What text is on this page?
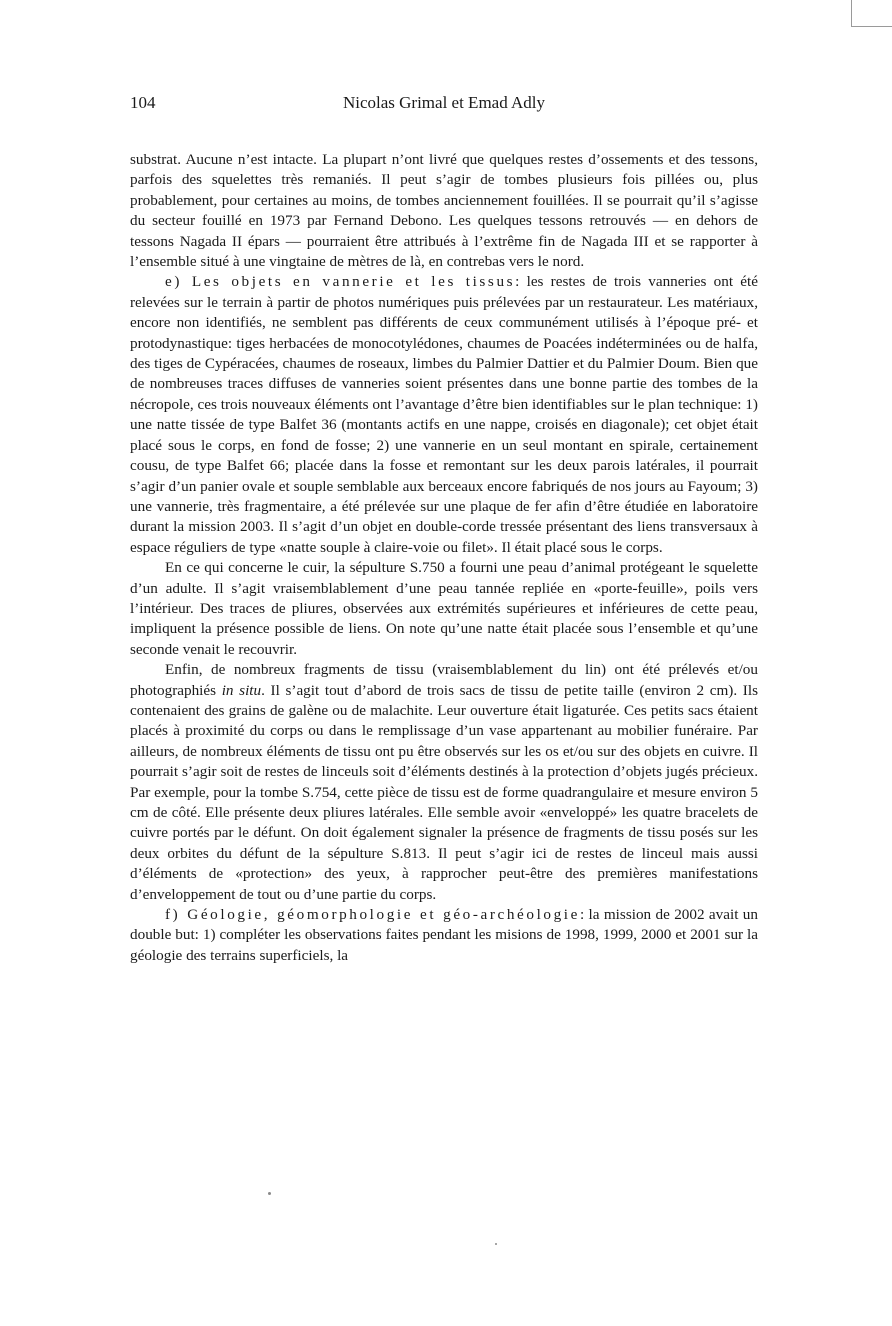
104	Nicolas Grimal et Emad Adly

substrat. Aucune n’est intacte. La plupart n’ont livré que quelques restes d’ossements et des tessons, parfois des squelettes très remaniés. Il peut s’agir de tombes plusieurs fois pillées ou, plus probablement, pour certaines au moins, de tombes anciennement fouillées. Il se pourrait qu’il s’agisse du secteur fouillé en 1973 par Fernand Debono. Les quelques tessons retrouvés — en dehors de tessons Nagada II épars — pourraient être attribués à l’extrême fin de Nagada III et se rapporter à l’ensemble situé à une vingtaine de mètres de là, en contrebas vers le nord.

e) Les objets en vannerie et les tissus: les restes de trois vanneries ont été relevées sur le terrain à partir de photos numériques puis prélevées par un restaurateur. Les matériaux, encore non identifiés, ne semblent pas différents de ceux communément utilisés à l’époque pré- et protodynastique: tiges herbacées de monocotylédones, chaumes de Poacées indéterminées ou de halfa, des tiges de Cypéracées, chaumes de roseaux, limbes du Palmier Dattier et du Palmier Doum. Bien que de nombreuses traces diffuses de vanneries soient présentes dans une bonne partie des tombes de la nécropole, ces trois nouveaux éléments ont l’avantage d’être bien identifiables sur le plan technique: 1) une natte tissée de type Balfet 36 (montants actifs en une nappe, croisés en diagonale); cet objet était placé sous le corps, en fond de fosse; 2) une vannerie en un seul montant en spirale, certainement cousu, de type Balfet 66; placée dans la fosse et remontant sur les deux parois latérales, il pourrait s’agir d’un panier ovale et souple semblable aux berceaux encore fabriqués de nos jours au Fayoum; 3) une vannerie, très fragmentaire, a été prélevée sur une plaque de fer afin d’être étudiée en laboratoire durant la mission 2003. Il s’agit d’un objet en double-corde tressée présentant des liens transversaux à espace réguliers de type «natte souple à claire-voie ou filet». Il était placé sous le corps.

En ce qui concerne le cuir, la sépulture S.750 a fourni une peau d’animal protégeant le squelette d’un adulte. Il s’agit vraisemblablement d’une peau tannée repliée en «porte-feuille», poils vers l’intérieur. Des traces de pliures, observées aux extrémités supérieures et inférieures de cette peau, impliquent la présence possible de liens. On note qu’une natte était placée sous l’ensemble et qu’une seconde venait le recouvrir.

Enfin, de nombreux fragments de tissu (vraisemblablement du lin) ont été prélevés et/ou photographiés in situ. Il s’agit tout d’abord de trois sacs de tissu de petite taille (environ 2 cm). Ils contenaient des grains de galène ou de malachite. Leur ouverture était ligaturée. Ces petits sacs étaient placés à proximité du corps ou dans le remplissage d’un vase appartenant au mobilier funéraire. Par ailleurs, de nombreux éléments de tissu ont pu être observés sur les os et/ou sur des objets en cuivre. Il pourrait s’agir soit de restes de linceuls soit d’éléments destinés à la protection d’objets jugés précieux. Par exemple, pour la tombe S.754, cette pièce de tissu est de forme quadrangulaire et mesure environ 5 cm de côté. Elle présente deux pliures latérales. Elle semble avoir «enveloppé» les quatre bracelets de cuivre portés par le défunt. On doit également signaler la présence de fragments de tissu posés sur les deux orbites du défunt de la sépulture S.813. Il peut s’agir ici de restes de linceul mais aussi d’éléments de «protection» des yeux, à rapprocher peut-être des premières manifestations d’enveloppement de tout ou d’une partie du corps.

f) Géologie, géomorphologie et géo-archéologie: la mission de 2002 avait un double but: 1) compléter les observations faites pendant les misions de 1998, 1999, 2000 et 2001 sur la géologie des terrains superficiels, la
